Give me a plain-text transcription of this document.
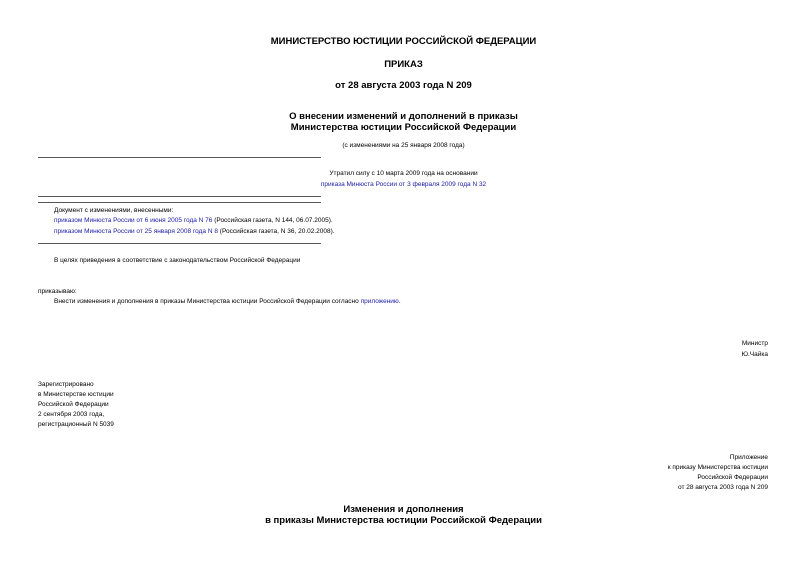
МИНИСТЕРСТВО ЮСТИЦИИ РОССИЙСКОЙ ФЕДЕРАЦИИ
ПРИКАЗ
от 28 августа 2003 года N 209
О внесении изменений и дополнений в приказы
Министерства юстиции Российской Федерации
(с изменениями на 25 января 2008 года)
Утратил силу с 10 марта 2009 года на основании
приказа Минюста России от 3 февраля 2009 года N 32
Документ с изменениями, внесенными:
приказом Минюста России от 6 июня 2005 года N 76 (Российская газета, N 144, 06.07.2005).
приказом Минюста России от 25 января 2008 года N 8 (Российская газета, N 36, 20.02.2008).
В целях приведения в соответствие с законодательством Российской Федерации
приказываю:
Внести изменения и дополнения в приказы Министерства юстиции Российской Федерации согласно приложению.
Министр
Ю.Чайка
Зарегистрировано
в Министерстве юстиции
Российской Федерации
2 сентября 2003 года,
регистрационный N 5039
Приложение
к приказу Министерства юстиции
Российской Федерации
от 28 августа 2003 года N 209
Изменения и дополнения
в приказы Министерства юстиции Российской Федерации
